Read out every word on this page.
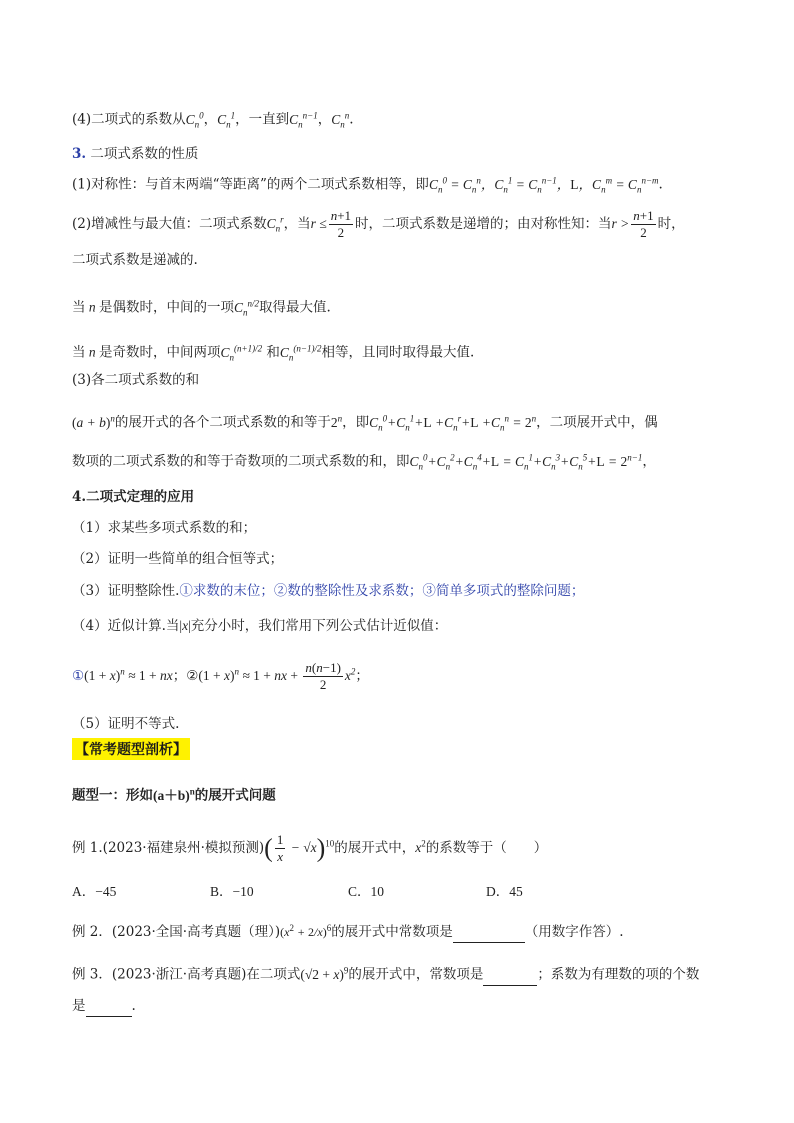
(4)二项式的系数从$C_n^0$，$C_n^1$，一直到$C_n^{n-1}$，$C_n^n$.
3. 二项式系数的性质
(1)对称性：与首末两端“等距离”的两个二项式系数相等，即$C_n^0 = C_n^n$，$C_n^1 = C_n^{n-1}$，L，$C_n^m = C_n^{n-m}$.
(2)增减性与最大值：二项式系数$C_n^r$，当$r \le \frac{n+1}{2}$ 时，二项式系数是递增的；由对称性知：当$r > \frac{n+1}{2}$ 时，
二项式系数是递减的.
当 n 是偶数时，中间的一项$C_n^{n/2}$取得最大值.
当 n 是奇数时，中间两项$C_n^{(n+1)/2}$ 和$C_n^{(n-1)/2}$相等，且同时取得最大值.
(3)各二项式系数的和
$(a + b)^n$的展开式的各个二项式系数的和等于2$^n$，即$C_n^0+C_n^1+L +C_n^r+L +C_n^n = 2^n$，二项展开式中，偶
数项的二项式系数的和等于奇数项的二项式系数的和，即$C_n^0+C_n^2+C_n^4+L = C_n^1+C_n^3+C_n^5+L = 2^{n-1}$，
4.二项式定理的应用
（1）求某些多项式系数的和；
（2）证明一些简单的组合恒等式；
（3）证明整除性.①求数的末位；②数的整除性及求系数；③简单多项式的整除问题；
（4）近似计算.当|x|充分小时，我们常用下列公式估计近似值：
①(1 + x)$^n$ ≈ 1 + nx；②(1 + x)$^n$ ≈ 1 + nx + $\frac{n(n-1)}{2} x^2$；
（5）证明不等式.
【常考题型剖析】
题型一：形如$(a+b)^n$的展开式问题
例 1.(2023·福建泉州·模拟预测)( $\frac{1}{x} - √x)^{10}$的展开式中，$x^2$的系数等于（　　）
A．−45	B．−10	C．10	D．45
例 2．(2023·全国·高考真题（理）)$(x^2 + 2/x)^6$的展开式中常数项是	（用数字作答）.
例 3．(2023·浙江·高考真题)在二项式$(√2 + x)^9$的展开式中，常数项是	；系数为有理数的项的个数
是	.
